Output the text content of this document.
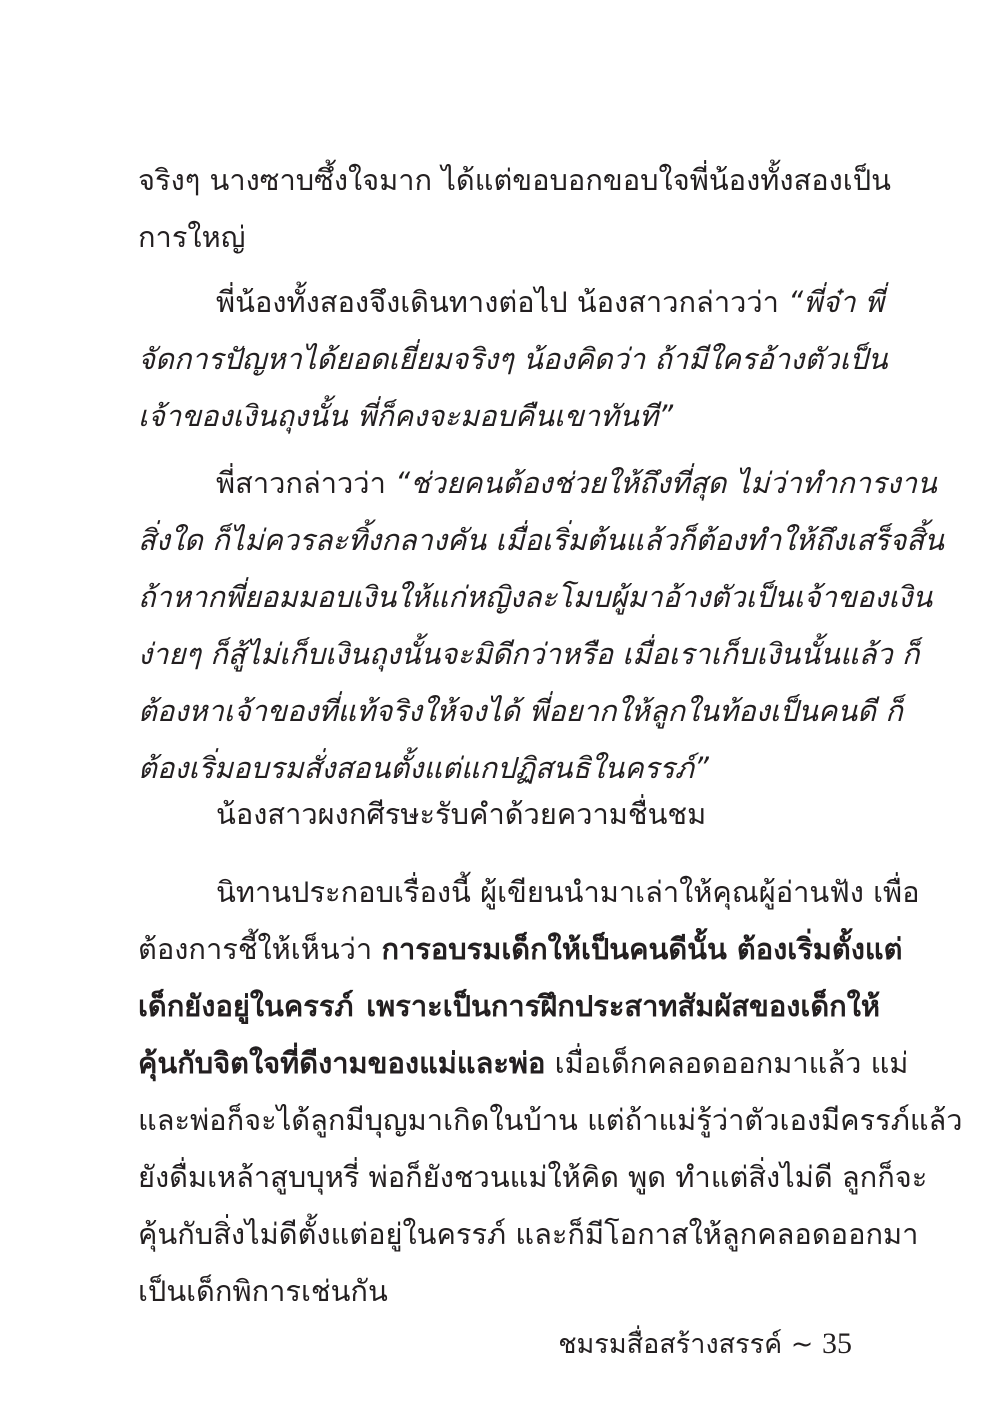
จริงๆ นางซาบซึ้งใจมาก ได้แต่ขอบอกขอบใจพี่น้องทั้งสองเป็น
การใหญ่
พี่น้องทั้งสองจึงเดินทางต่อไป น้องสาวกล่าวว่า “พี่จ๋า พี่
จัดการปัญหาได้ยอดเยี่ยมจริงๆ น้องคิดว่า ถ้ามีใครอ้างตัวเป็น
เจ้าของเงินถุงนั้น พี่ก็คงจะมอบคืนเขาทันที”
พี่สาวกล่าวว่า “ช่วยคนต้องช่วยให้ถึงที่สุด ไม่ว่าทำการงาน
สิ่งใด ก็ไม่ควรละทิ้งกลางคัน เมื่อเริ่มต้นแล้วก็ต้องทำให้ถึงเสร็จสิ้น
ถ้าหากพี่ยอมมอบเงินให้แก่หญิงละโมบผู้มาอ้างตัวเป็นเจ้าของเงิน
ง่ายๆ ก็สู้ไม่เก็บเงินถุงนั้นจะมิดีกว่าหรือ เมื่อเราเก็บเงินนั้นแล้ว ก็
ต้องหาเจ้าของที่แท้จริงให้จงได้ พี่อยากให้ลูกในท้องเป็นคนดี ก็
ต้องเริ่มอบรมสั่งสอนตั้งแต่แกปฏิสนธิในครรภ์”
น้องสาวผงกศีรษะรับคำด้วยความชื่นชม
นิทานประกอบเรื่องนี้ ผู้เขียนนำมาเล่าให้คุณผู้อ่านฟัง เพื่อ
ต้องการชี้ให้เห็นว่า การอบรมเด็กให้เป็นคนดีนั้น ต้องเริ่มตั้งแต่
เด็กยังอยู่ในครรภ์ เพราะเป็นการฝึกประสาทสัมผัสของเด็กให้
คุ้นกับจิตใจที่ดีงามของแม่และพ่อ เมื่อเด็กคลอดออกมาแล้ว แม่
และพ่อก็จะได้ลูกมีบุญมาเกิดในบ้าน แต่ถ้าแม่รู้ว่าตัวเองมีครรภ์แล้ว
ยังดื่มเหล้าสูบบุหรี่ พ่อก็ยังชวนแม่ให้คิด พูด ทำแต่สิ่งไม่ดี ลูกก็จะ
คุ้นกับสิ่งไม่ดีตั้งแต่อยู่ในครรภ์ และก็มีโอกาสให้ลูกคลอดออกมา
เป็นเด็กพิการเช่นกัน
ชมรมสื่อสร้างสรรค์ ~ 35
